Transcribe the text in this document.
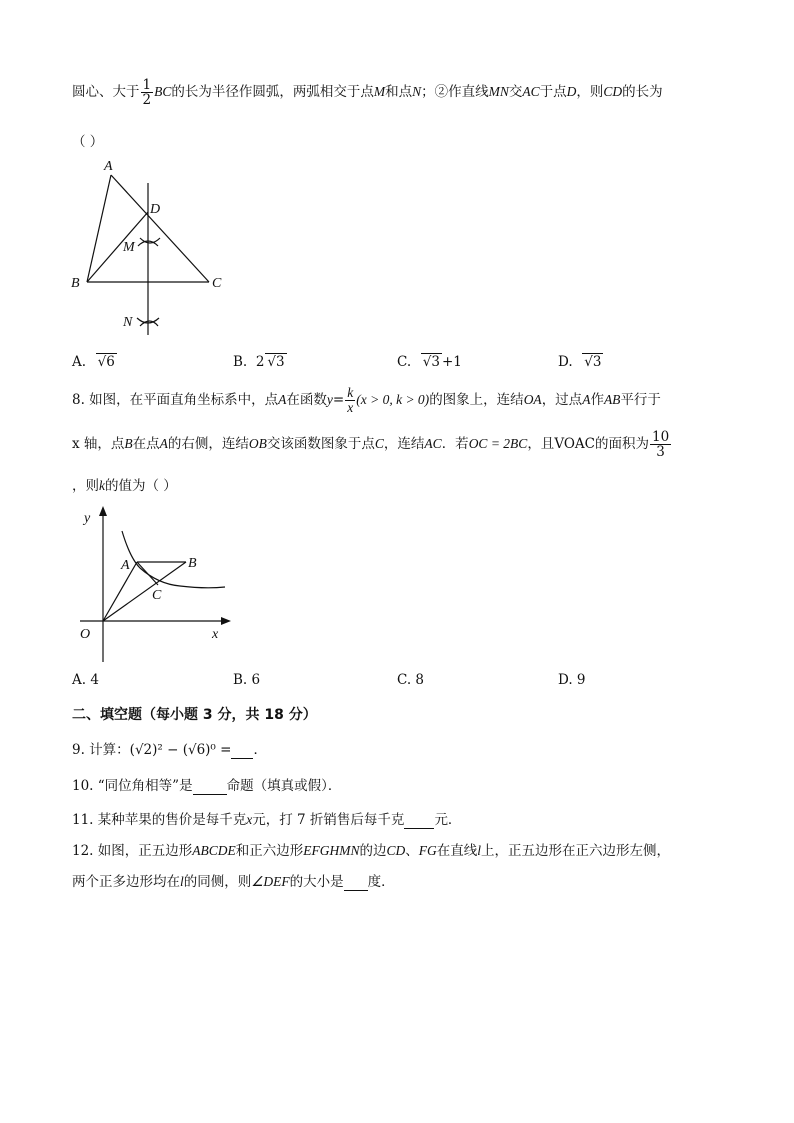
圆心、大于 $\frac{1}{2}$ BC的长为半径作圆弧，两弧相交于点M和点N；②作直线MN交AC于点D，则CD的长为
（ ）
A
D
M
B	C
N
A. √6	B. 2 √3	C. √3 +1	D. √3
8. 如图，在平面直角坐标系中，点A在函数$y= \frac{k}{x} (x > 0$, k > 0)的图象上，连结OA，过点A作AB平行于
x 轴，点B在点A的右侧，连结OB交该函数图象于点C，连结AC．若OC = 2BC，且VOAC的面积为 $\frac{10}{3}$
，则k的值为（ ）
y
A	B
C
O	x
A. 4	B. 6	C. 8	D. 9
二、填空题（每小题 3 分，共 18 分）
9. 计算：(√2)² − (√6)⁰ = ．
10. “同位角相等”是	命题（填真或假）．
11. 某种苹果的售价是每千克x元，打 7 折销售后每千克 元．
12. 如图，正五边形ABCDE和正六边形EFGHMN的边CD、FG在直线l上，正五边形在正六边形左侧，
两个正多边形均在l的同侧，则∠DEF的大小是 度．
